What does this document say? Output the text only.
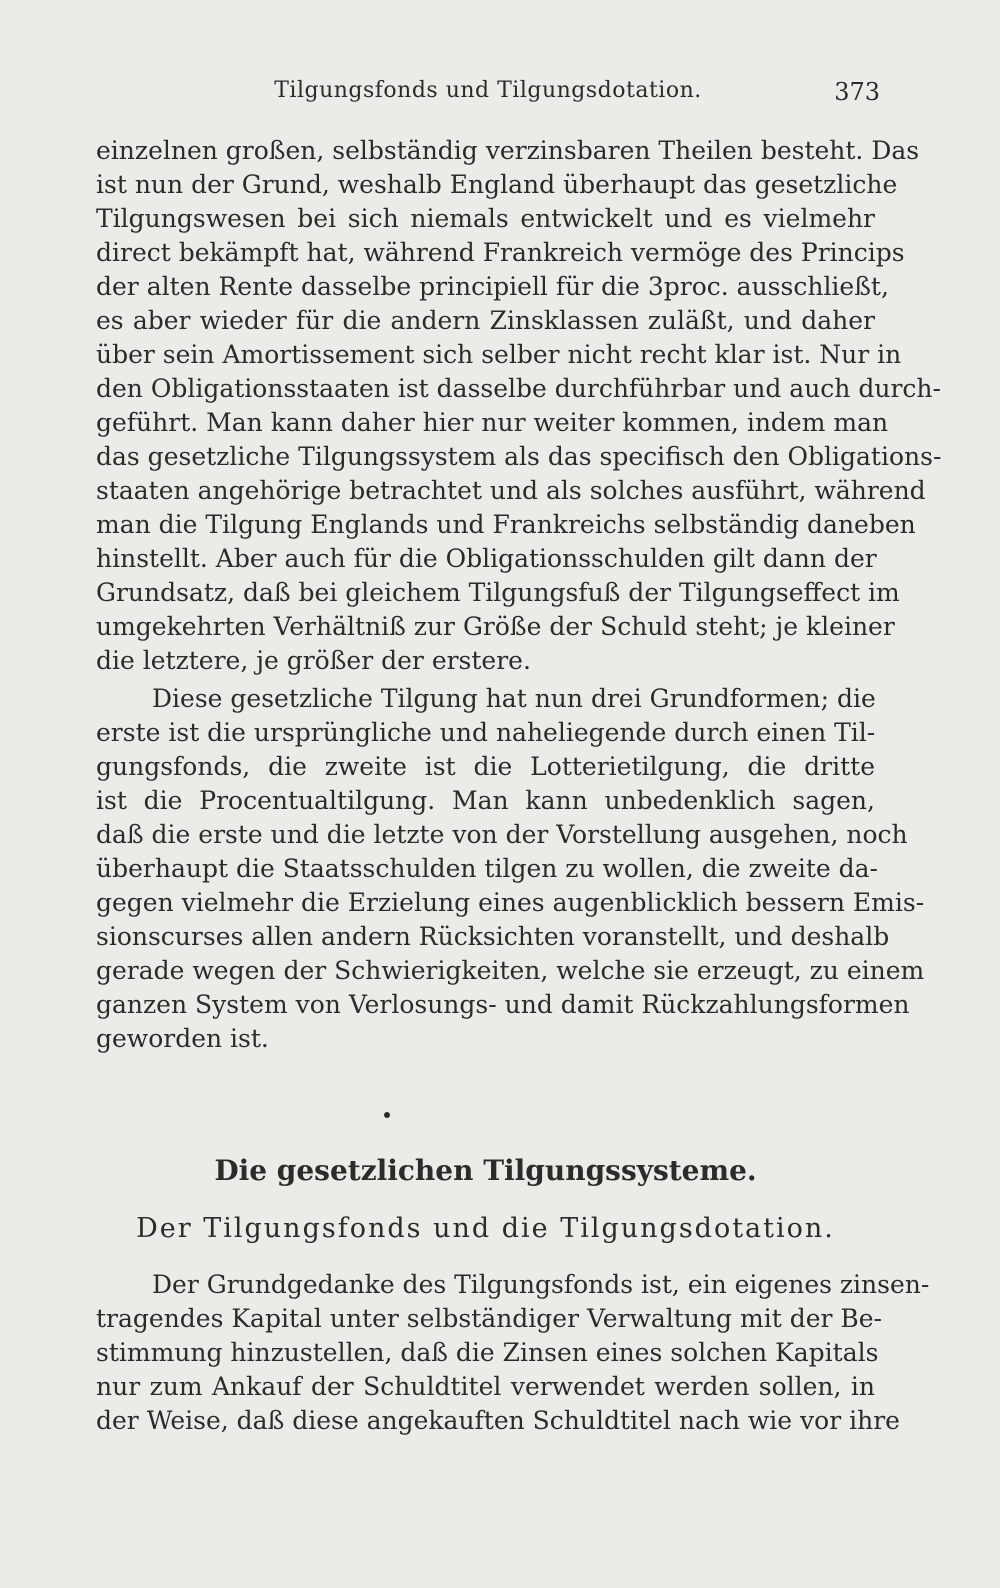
Tilgungsfonds und Tilgungsdotation.	373
einzelnen großen, selbständig verzinsbaren Theilen besteht. Das
ist nun der Grund, weshalb England überhaupt das gesetzliche
Tilgungswesen bei sich niemals entwickelt und es vielmehr
direct bekämpft hat, während Frankreich vermöge des Princips
der alten Rente dasselbe principiell für die 3proc. ausschließt,
es aber wieder für die andern Zinsklassen zuläßt, und daher
über sein Amortissement sich selber nicht recht klar ist. Nur in
den Obligationsstaaten ist dasselbe durchführbar und auch durch-
geführt. Man kann daher hier nur weiter kommen, indem man
das gesetzliche Tilgungssystem als das specifisch den Obligations-
staaten angehörige betrachtet und als solches ausführt, während
man die Tilgung Englands und Frankreichs selbständig daneben
hinstellt. Aber auch für die Obligationsschulden gilt dann der
Grundsatz, daß bei gleichem Tilgungsfuß der Tilgungseffect im
umgekehrten Verhältniß zur Größe der Schuld steht; je kleiner
die letztere, je größer der erstere.
Diese gesetzliche Tilgung hat nun drei Grundformen; die
erste ist die ursprüngliche und naheliegende durch einen Til-
gungsfonds, die zweite ist die Lotterietilgung, die dritte
ist die Procentualtilgung. Man kann unbedenklich sagen,
daß die erste und die letzte von der Vorstellung ausgehen, noch
überhaupt die Staatsschulden tilgen zu wollen, die zweite da-
gegen vielmehr die Erzielung eines augenblicklich bessern Emis-
sionscurses allen andern Rücksichten voranstellt, und deshalb
gerade wegen der Schwierigkeiten, welche sie erzeugt, zu einem
ganzen System von Verlosungs- und damit Rückzahlungsformen
geworden ist.
Die gesetzlichen Tilgungssysteme.
Der Tilgungsfonds und die Tilgungsdotation.
Der Grundgedanke des Tilgungsfonds ist, ein eigenes zinsen-
tragendes Kapital unter selbständiger Verwaltung mit der Be-
stimmung hinzustellen, daß die Zinsen eines solchen Kapitals
nur zum Ankauf der Schuldtitel verwendet werden sollen, in
der Weise, daß diese angekauften Schuldtitel nach wie vor ihre
